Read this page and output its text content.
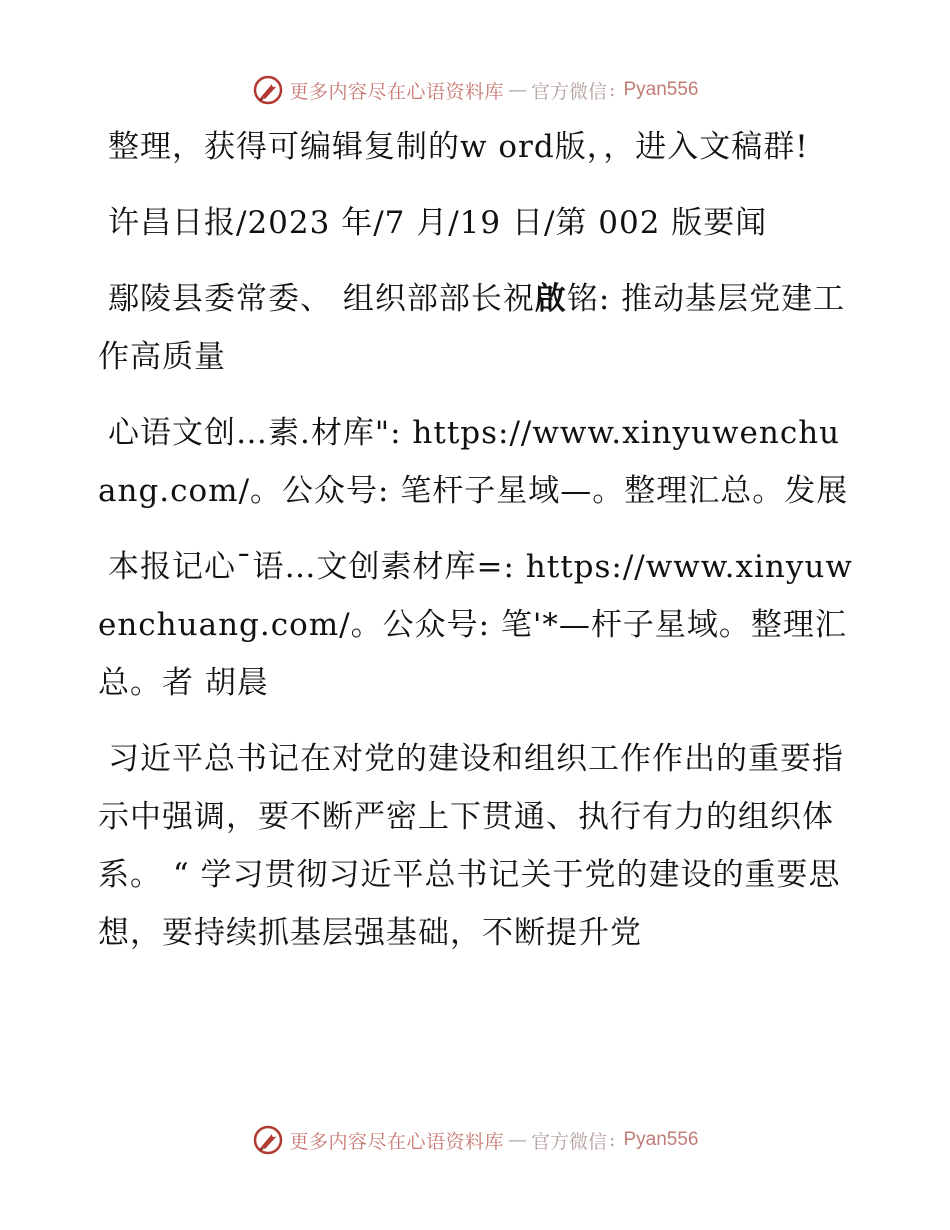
更多内容尽在心语资料库 — 官方微信 : Pyan556

整理，获得可编辑复制的w ord版，，进入文稿群!

许昌日报/2023 年/7 月/19 日/第 002 版要闻

鄢陵县委常委、 组织部部长祝啟铭: 推动基层党建工作高质量

心语文创…素.材库": https://www.xinyuwenchuang.com/。公众号: 笔杆子星域—。整理汇总。发展

本报记心¯语…文创素材库=: https://www.xinyuwenchuang.com/。公众号: 笔'*—杆子星域。整理汇总。者 胡晨

习近平总书记在对党的建设和组织工作作出的重要指示中强调，要不断严密上下贯通、执行有力的组织体系。 “ 学习贯彻习近平总书记关于党的建设的重要思想，要持续抓基层强基础，不断提升党

更多内容尽在心语资料库 — 官方微信 : Pyan556
